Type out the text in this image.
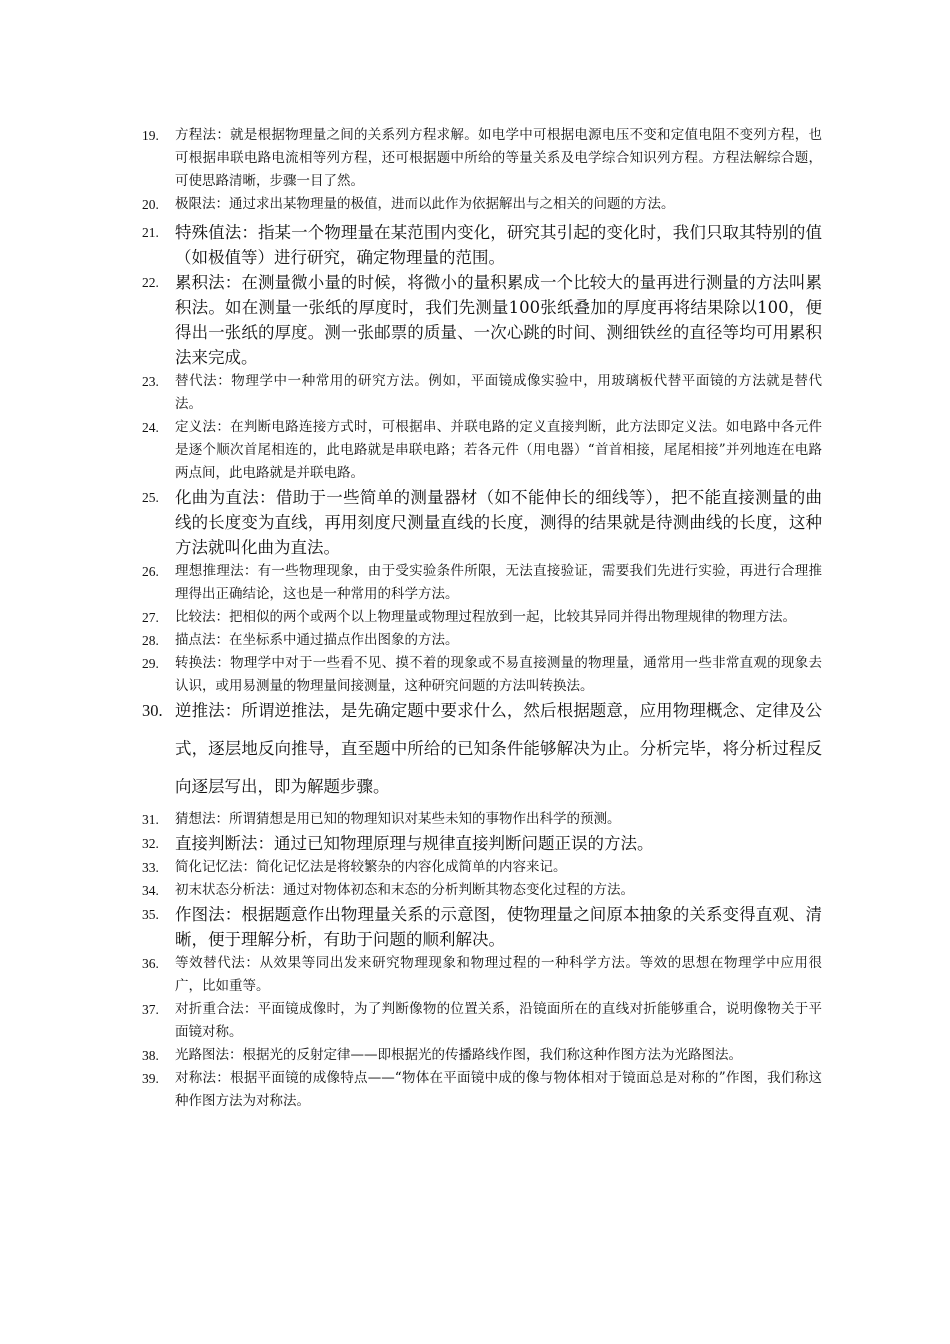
19.	方程法：就是根据物理量之间的关系列方程求解。如电学中可根据电源电压不变和定值电阻不变列方程，也可根据串联电路电流相等列方程，还可根据题中所给的等量关系及电学综合知识列方程。方程法解综合题，可使思路清晰，步骤一目了然。
20.	极限法：通过求出某物理量的极值，进而以此作为依据解出与之相关的问题的方法。
21. 特殊值法：指某一个物理量在某范围内变化，研究其引起的变化时，我们只取其特别的值（如极值等）进行研究，确定物理量的范围。
22. 累积法：在测量微小量的时候，将微小的量积累成一个比较大的量再进行测量的方法叫累积法。如在测量一张纸的厚度时，我们先测量100张纸叠加的厚度再将结果除以100，便得出一张纸的厚度。测一张邮票的质量、一次心跳的时间、测细铁丝的直径等均可用累积法来完成。
23.	替代法：物理学中一种常用的研究方法。例如，平面镜成像实验中，用玻璃板代替平面镜的方法就是替代法。
24.	定义法：在判断电路连接方式时，可根据串、并联电路的定义直接判断，此方法即定义法。如电路中各元件是逐个顺次首尾相连的，此电路就是串联电路；若各元件（用电器）“首首相接，尾尾相接”并列地连在电路两点间，此电路就是并联电路。
25. 化曲为直法：借助于一些简单的测量器材（如不能伸长的细线等），把不能直接测量的曲线的长度变为直线，再用刻度尺测量直线的长度，测得的结果就是待测曲线的长度，这种方法就叫化曲为直法。
26.	理想推理法：有一些物理现象，由于受实验条件所限，无法直接验证，需要我们先进行实验，再进行合理推理得出正确结论，这也是一种常用的科学方法。
27.	比较法：把相似的两个或两个以上物理量或物理过程放到一起，比较其异同并得出物理规律的物理方法。
28.	描点法：在坐标系中通过描点作出图象的方法。
29.	转换法：物理学中对于一些看不见、摸不着的现象或不易直接测量的物理量，通常用一些非常直观的现象去认识，或用易测量的物理量间接测量，这种研究问题的方法叫转换法。
30. 逆推法：所谓逆推法，是先确定题中要求什么，然后根据题意，应用物理概念、定律及公式，逐层地反向推导，直至题中所给的已知条件能够解决为止。分析完毕，将分析过程反向逐层写出，即为解题步骤。
31.	猜想法：所谓猜想是用已知的物理知识对某些未知的事物作出科学的预测。
32. 直接判断法：通过已知物理原理与规律直接判断问题正误的方法。
33.	简化记忆法：简化记忆法是将较繁杂的内容化成简单的内容来记。
34.	初末状态分析法：通过对物体初态和末态的分析判断其物态变化过程的方法。
35. 作图法：根据题意作出物理量关系的示意图，使物理量之间原本抽象的关系变得直观、清晰，便于理解分析，有助于问题的顺利解决。
36.	等效替代法：从效果等同出发来研究物理现象和物理过程的一种科学方法。等效的思想在物理学中应用很广，比如重等。
37.	对折重合法：平面镜成像时，为了判断像物的位置关系，沿镜面所在的直线对折能够重合，说明像物关于平面镜对称。
38.	光路图法：根据光的反射定律——即根据光的传播路线作图，我们称这种作图方法为光路图法。
39.	对称法：根据平面镜的成像特点——“物体在平面镜中成的像与物体相对于镜面总是对称的”作图，我们称这种作图方法为对称法。
